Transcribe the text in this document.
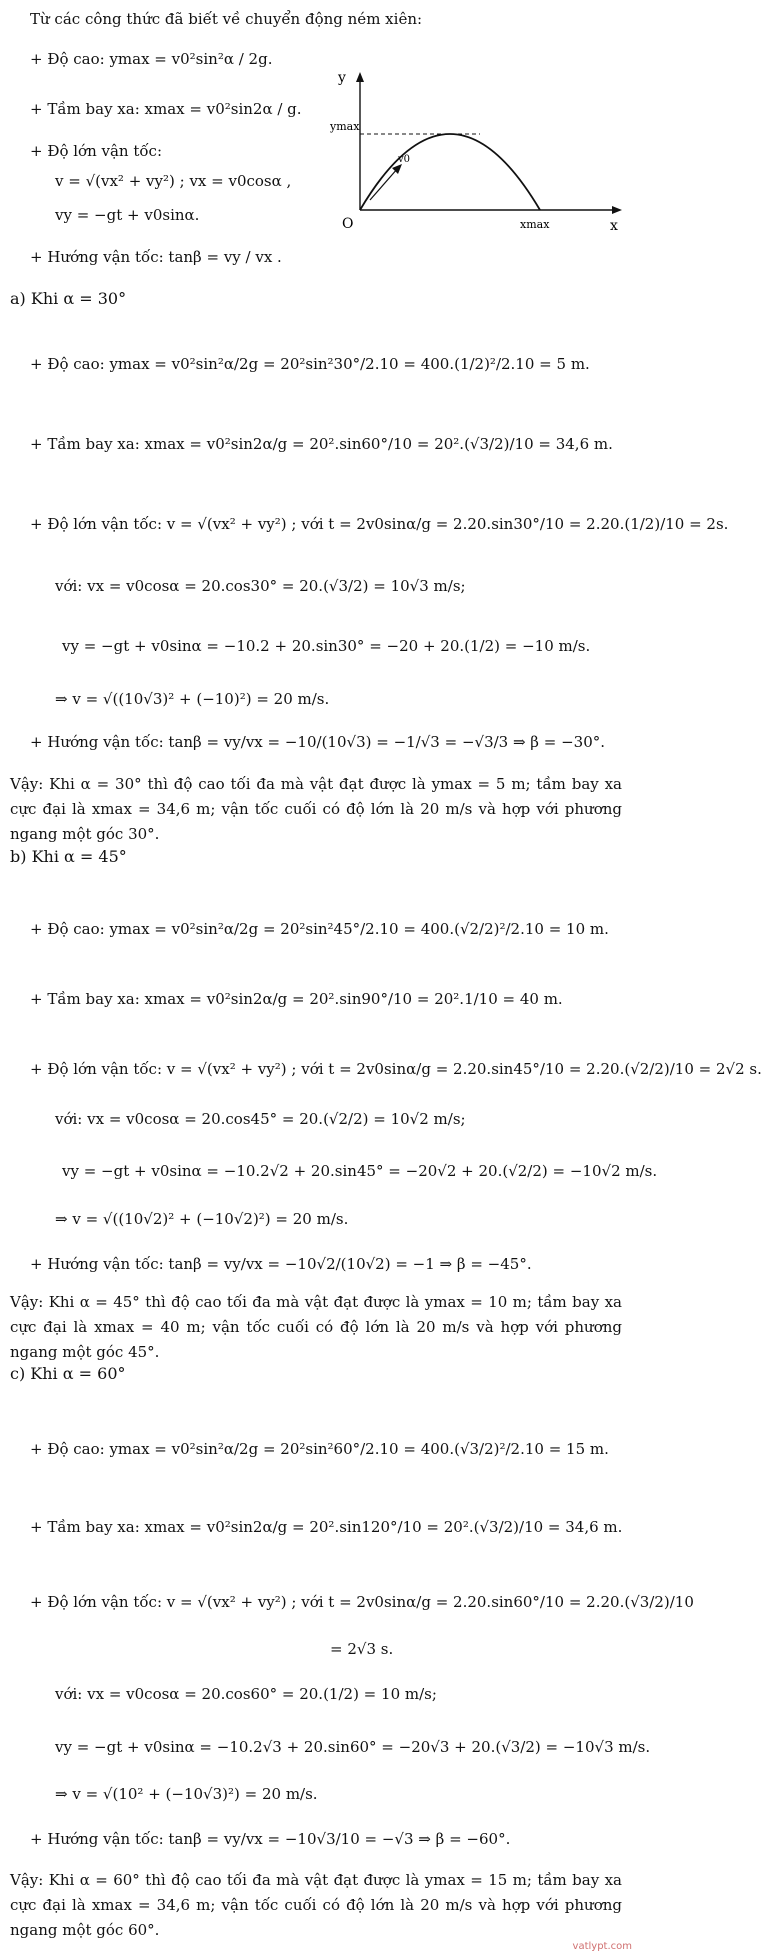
Từ các công thức đã biết về chuyển động ném xiên:
+ Độ cao: ymax = v0²sin²α / 2g.
+ Tầm bay xa: xmax = v0²sin2α / g.
+ Độ lớn vận tốc:
v = √(vx² + vy²) ; vx = v0cosα ,
vy = −gt + v0sinα.
+ Hướng vận tốc: tanβ = vy / vx .
y
x
O
ymax
xmax
v0
a) Khi α = 30°
+ Độ cao: ymax = v0²sin²α/2g = 20²sin²30°/2.10 = 400.(1/2)²/2.10 = 5 m.
+ Tầm bay xa: xmax = v0²sin2α/g = 20².sin60°/10 = 20².(√3/2)/10 = 34,6 m.
+ Độ lớn vận tốc: v = √(vx² + vy²) ; với t = 2v0sinα/g = 2.20.sin30°/10 = 2.20.(1/2)/10 = 2s.
với: vx = v0cosα = 20.cos30° = 20.(√3/2) = 10√3 m/s;
vy = −gt + v0sinα = −10.2 + 20.sin30° = −20 + 20.(1/2) = −10 m/s.
⇒ v = √((10√3)² + (−10)²) = 20 m/s.
+ Hướng vận tốc: tanβ = vy/vx = −10/(10√3) = −1/√3 = −√3/3 ⇒ β = −30°.
Vậy: Khi α = 30° thì độ cao tối đa mà vật đạt được là ymax = 5 m; tầm bay xa cực đại là xmax = 34,6 m; vận tốc cuối có độ lớn là 20 m/s và hợp với phương ngang một góc 30°.
b) Khi α = 45°
+ Độ cao: ymax = v0²sin²α/2g = 20²sin²45°/2.10 = 400.(√2/2)²/2.10 = 10 m.
+ Tầm bay xa: xmax = v0²sin2α/g = 20².sin90°/10 = 20².1/10 = 40 m.
+ Độ lớn vận tốc: v = √(vx² + vy²) ; với t = 2v0sinα/g = 2.20.sin45°/10 = 2.20.(√2/2)/10 = 2√2 s.
với: vx = v0cosα = 20.cos45° = 20.(√2/2) = 10√2 m/s;
vy = −gt + v0sinα = −10.2√2 + 20.sin45° = −20√2 + 20.(√2/2) = −10√2 m/s.
⇒ v = √((10√2)² + (−10√2)²) = 20 m/s.
+ Hướng vận tốc: tanβ = vy/vx = −10√2/(10√2) = −1 ⇒ β = −45°.
Vậy: Khi α = 45° thì độ cao tối đa mà vật đạt được là ymax = 10 m; tầm bay xa cực đại là xmax = 40 m; vận tốc cuối có độ lớn là 20 m/s và hợp với phương ngang một góc 45°.
c) Khi α = 60°
+ Độ cao: ymax = v0²sin²α/2g = 20²sin²60°/2.10 = 400.(√3/2)²/2.10 = 15 m.
+ Tầm bay xa: xmax = v0²sin2α/g = 20².sin120°/10 = 20².(√3/2)/10 = 34,6 m.
+ Độ lớn vận tốc: v = √(vx² + vy²) ; với t = 2v0sinα/g = 2.20.sin60°/10 = 2.20.(√3/2)/10
= 2√3 s.
với: vx = v0cosα = 20.cos60° = 20.(1/2) = 10 m/s;
vy = −gt + v0sinα = −10.2√3 + 20.sin60° = −20√3 + 20.(√3/2) = −10√3 m/s.
⇒ v = √(10² + (−10√3)²) = 20 m/s.
+ Hướng vận tốc: tanβ = vy/vx = −10√3/10 = −√3 ⇒ β = −60°.
Vậy: Khi α = 60° thì độ cao tối đa mà vật đạt được là ymax = 15 m; tầm bay xa cực đại là xmax = 34,6 m; vận tốc cuối có độ lớn là 20 m/s và hợp với phương ngang một góc 60°.
vatlypt.com
